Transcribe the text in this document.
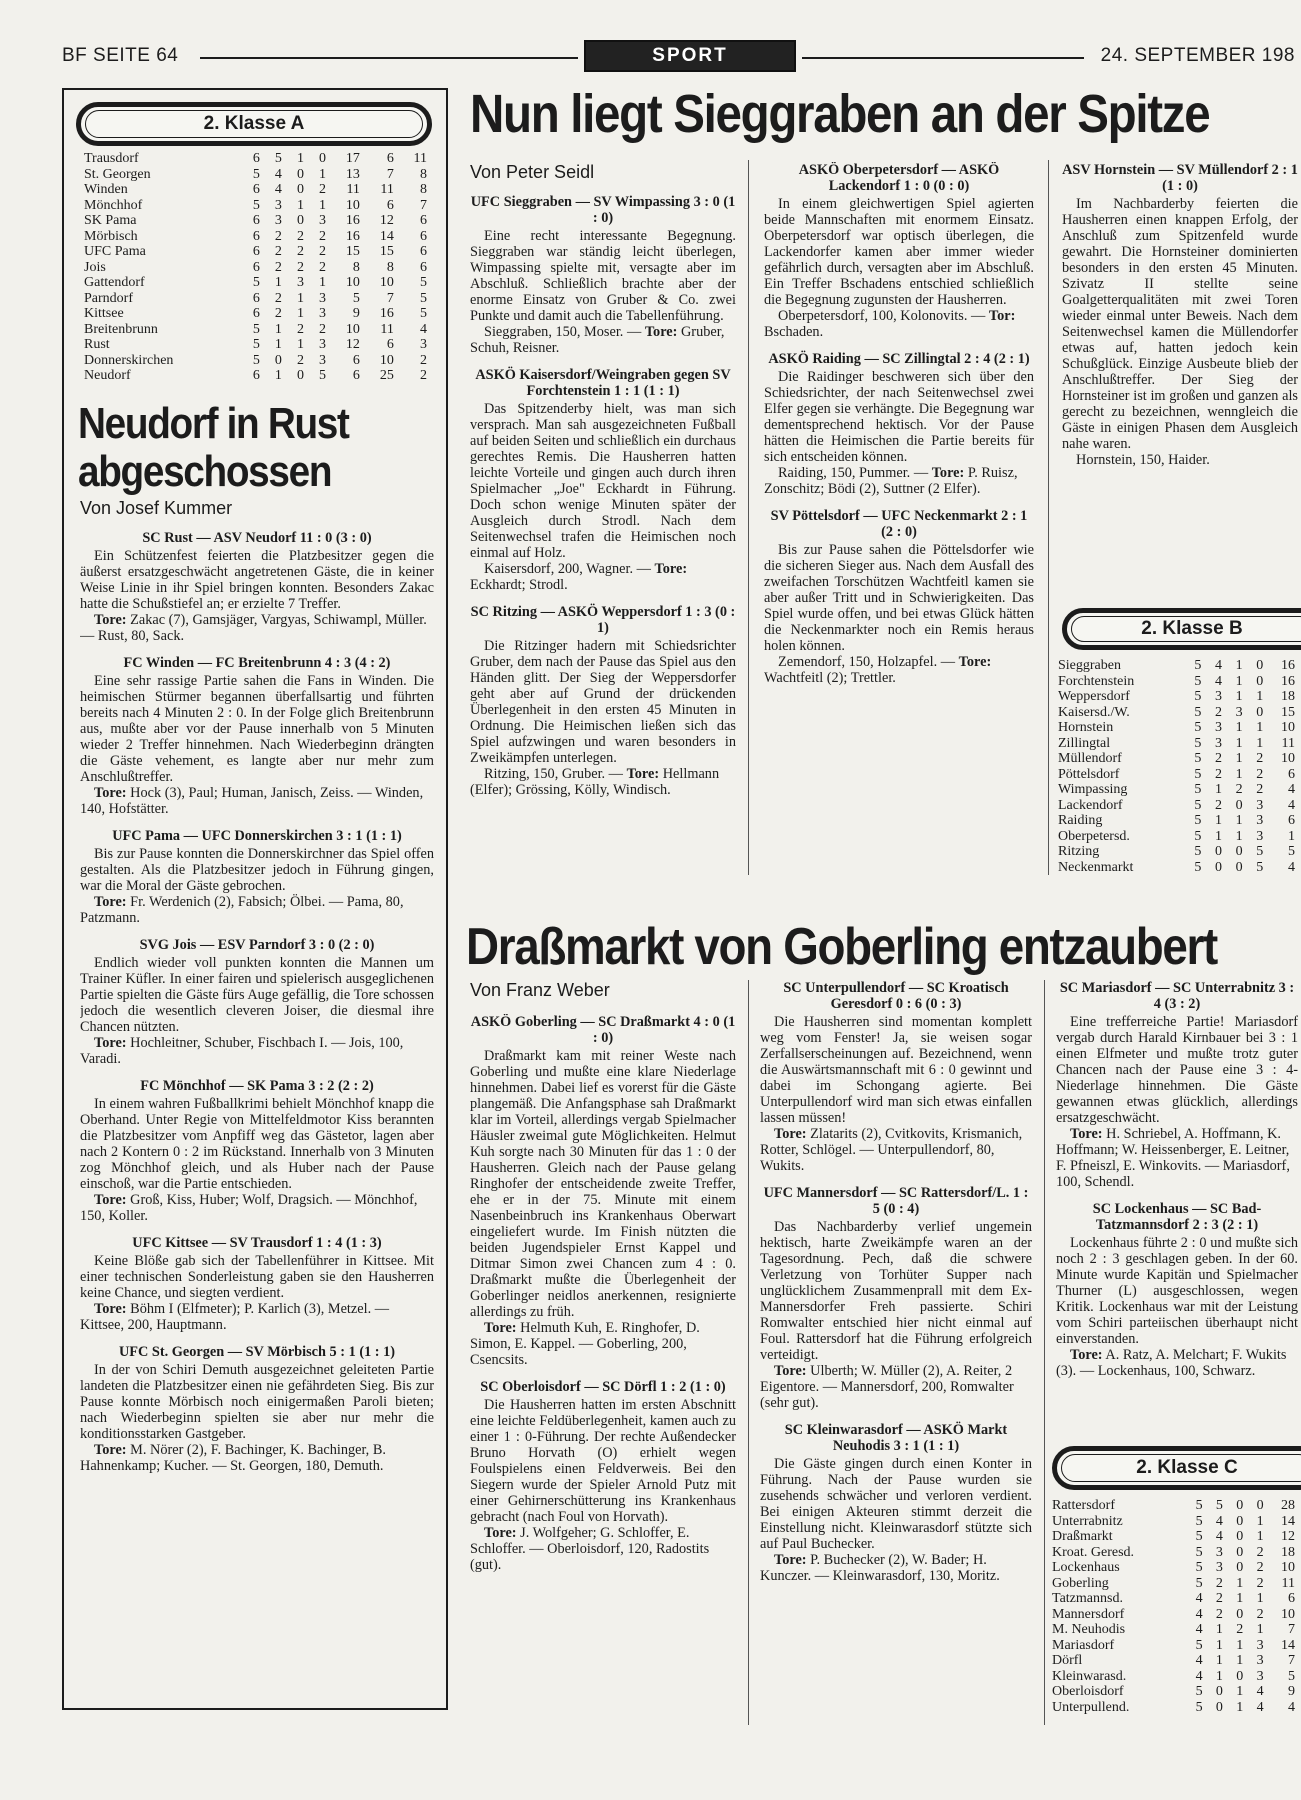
BF SEITE 64	SPORT	24. SEPTEMBER 198
2. Klasse A
Trausdorf	6	5	1	0	17	6	11
St. Georgen	5	4	0	1	13	7	8
Winden	6	4	0	2	11	11	8
Mönchhof	5	3	1	1	10	6	7
SK Pama	6	3	0	3	16	12	6
Mörbisch	6	2	2	2	16	14	6
UFC Pama	6	2	2	2	15	15	6
Jois	6	2	2	2	8	8	6
Gattendorf	5	1	3	1	10	10	5
Parndorf	6	2	1	3	5	7	5
Kittsee	6	2	1	3	9	16	5
Breitenbrunn	5	1	2	2	10	11	4
Rust	5	1	1	3	12	6	3
Donnerskirchen	5	0	2	3	6	10	2
Neudorf	6	1	0	5	6	25	2
Neudorf in Rust abgeschossen
Von Josef Kummer
SC Rust — ASV Neudorf 11 : 0 (3 : 0)
Ein Schützenfest feierten die Platzbesitzer gegen die äußerst ersatzgeschwächt angetretenen Gäste, die in keiner Weise Linie in ihr Spiel bringen konnten. Besonders Zakac hatte die Schußstiefel an; er erzielte 7 Treffer.
Tore: Zakac (7), Gamsjäger, Vargyas, Schiwampl, Müller. — Rust, 80, Sack.
FC Winden — FC Breitenbrunn 4 : 3 (4 : 2)
Eine sehr rassige Partie sahen die Fans in Winden. Die heimischen Stürmer begannen überfallsartig und führten bereits nach 4 Minuten 2 : 0. In der Folge glich Breitenbrunn aus, mußte aber vor der Pause innerhalb von 5 Minuten wieder 2 Treffer hinnehmen. Nach Wiederbeginn drängten die Gäste vehement, es langte aber nur mehr zum Anschlußtreffer.
Tore: Hock (3), Paul; Human, Janisch, Zeiss. — Winden, 140, Hofstätter.
UFC Pama — UFC Donnerskirchen 3 : 1 (1 : 1)
Bis zur Pause konnten die Donnerskirchner das Spiel offen gestalten. Als die Platzbesitzer jedoch in Führung gingen, war die Moral der Gäste gebrochen.
Tore: Fr. Werdenich (2), Fabsich; Ölbei. — Pama, 80, Patzmann.
SVG Jois — ESV Parndorf 3 : 0 (2 : 0)
Endlich wieder voll punkten konnten die Mannen um Trainer Küfler. In einer fairen und spielerisch ausgeglichenen Partie spielten die Gäste fürs Auge gefällig, die Tore schossen jedoch die wesentlich cleveren Joiser, die diesmal ihre Chancen nützten.
Tore: Hochleitner, Schuber, Fischbach I. — Jois, 100, Varadi.
FC Mönchhof — SK Pama 3 : 2 (2 : 2)
In einem wahren Fußballkrimi behielt Mönchhof knapp die Oberhand. Unter Regie von Mittelfeldmotor Kiss berannten die Platzbesitzer vom Anpfiff weg das Gästetor, lagen aber nach 2 Kontern 0 : 2 im Rückstand. Innerhalb von 3 Minuten zog Mönchhof gleich, und als Huber nach der Pause einschoß, war die Partie entschieden.
Tore: Groß, Kiss, Huber; Wolf, Dragsich. — Mönchhof, 150, Koller.
UFC Kittsee — SV Trausdorf 1 : 4 (1 : 3)
Keine Blöße gab sich der Tabellenführer in Kittsee. Mit einer technischen Sonderleistung gaben sie den Hausherren keine Chance, und siegten verdient.
Tore: Böhm I (Elfmeter); P. Karlich (3), Metzel. — Kittsee, 200, Hauptmann.
UFC St. Georgen — SV Mörbisch 5 : 1 (1 : 1)
In der von Schiri Demuth ausgezeichnet geleiteten Partie landeten die Platzbesitzer einen nie gefährdeten Sieg. Bis zur Pause konnte Mörbisch noch einigermaßen Paroli bieten; nach Wiederbeginn spielten sie aber nur mehr die konditionsstarken Gastgeber.
Tore: M. Nörer (2), F. Bachinger, K. Bachinger, B. Hahnenkamp; Kucher. — St. Georgen, 180, Demuth.
Nun liegt Sieggraben an der Spitze
Von Peter Seidl
UFC Sieggraben — SV Wimpassing 3 : 0 (1 : 0)
Eine recht interessante Begegnung. Sieggraben war ständig leicht überlegen, Wimpassing spielte mit, versagte aber im Abschluß. Schließlich brachte aber der enorme Einsatz von Gruber & Co. zwei Punkte und damit auch die Tabellenführung.
Sieggraben, 150, Moser. — Tore: Gruber, Schuh, Reisner.
ASKÖ Kaisersdorf/Weingraben gegen SV Forchtenstein 1 : 1 (1 : 1)
Das Spitzenderby hielt, was man sich versprach. Man sah ausgezeichneten Fußball auf beiden Seiten und schließlich ein durchaus gerechtes Remis. Die Hausherren hatten leichte Vorteile und gingen auch durch ihren Spielmacher „Joe" Eckhardt in Führung. Doch schon wenige Minuten später der Ausgleich durch Strodl. Nach dem Seitenwechsel trafen die Heimischen noch einmal auf Holz.
Kaisersdorf, 200, Wagner. — Tore: Eckhardt; Strodl.
SC Ritzing — ASKÖ Weppersdorf 1 : 3 (0 : 1)
Die Ritzinger hadern mit Schiedsrichter Gruber, dem nach der Pause das Spiel aus den Händen glitt. Der Sieg der Weppersdorfer geht aber auf Grund der drückenden Überlegenheit in den ersten 45 Minuten in Ordnung. Die Heimischen ließen sich das Spiel aufzwingen und waren besonders in Zweikämpfen unterlegen.
Ritzing, 150, Gruber. — Tore: Hellmann (Elfer); Grössing, Kölly, Windisch.
ASKÖ Oberpetersdorf — ASKÖ Lackendorf 1 : 0 (0 : 0)
In einem gleichwertigen Spiel agierten beide Mannschaften mit enormem Einsatz. Oberpetersdorf war optisch überlegen, die Lackendorfer kamen aber immer wieder gefährlich durch, versagten aber im Abschluß. Ein Treffer Bschadens entschied schließlich die Begegnung zugunsten der Hausherren.
Oberpetersdorf, 100, Kolonovits. — Tor: Bschaden.
ASKÖ Raiding — SC Zillingtal 2 : 4 (2 : 1)
Die Raidinger beschweren sich über den Schiedsrichter, der nach Seitenwechsel zwei Elfer gegen sie verhängte. Die Begegnung war dementsprechend hektisch. Vor der Pause hätten die Heimischen die Partie bereits für sich entscheiden können.
Raiding, 150, Pummer. — Tore: P. Ruisz, Zonschitz; Bödi (2), Suttner (2 Elfer).
SV Pöttelsdorf — UFC Neckenmarkt 2 : 1 (2 : 0)
Bis zur Pause sahen die Pöttelsdorfer wie die sicheren Sieger aus. Nach dem Ausfall des zweifachen Torschützen Wachtfeitl kamen sie aber außer Tritt und in Schwierigkeiten. Das Spiel wurde offen, und bei etwas Glück hätten die Neckenmarkter noch ein Remis heraus holen können.
Zemendorf, 150, Holzapfel. — Tore: Wachtfeitl (2); Trettler.
ASV Hornstein — SV Müllendorf 2 : 1 (1 : 0)
Im Nachbarderby feierten die Hausherren einen knappen Erfolg, der Anschluß zum Spitzenfeld wurde gewahrt. Die Hornsteiner dominierten besonders in den ersten 45 Minuten. Szivatz II stellte seine Goalgetterqualitäten mit zwei Toren wieder einmal unter Beweis. Nach dem Seitenwechsel kamen die Müllendorfer etwas auf, hatten jedoch kein Schußglück. Einzige Ausbeute blieb der Anschlußtreffer. Der Sieg der Hornsteiner ist im großen und ganzen als gerecht zu bezeichnen, wenngleich die Gäste in einigen Phasen dem Ausgleich nahe waren.
Hornstein, 150, Haider.
2. Klasse B
Sieggraben	5	4	1	0	16
Forchtenstein	5	4	1	0	16
Weppersdorf	5	3	1	1	18
Kaisersd./W.	5	2	3	0	15
Hornstein	5	3	1	1	10
Zillingtal	5	3	1	1	11
Müllendorf	5	2	1	2	10
Pöttelsdorf	5	2	1	2	6
Wimpassing	5	1	2	2	4
Lackendorf	5	2	0	3	4
Raiding	5	1	1	3	6
Oberpetersd.	5	1	1	3	1
Ritzing	5	0	0	5	5
Neckenmarkt	5	0	0	5	4
Draßmarkt von Goberling entzaubert
Von Franz Weber
ASKÖ Goberling — SC Draßmarkt 4 : 0 (1 : 0)
Draßmarkt kam mit reiner Weste nach Goberling und mußte eine klare Niederlage hinnehmen. Dabei lief es vorerst für die Gäste plangemäß. Die Anfangsphase sah Draßmarkt klar im Vorteil, allerdings vergab Spielmacher Häusler zweimal gute Möglichkeiten. Helmut Kuh sorgte nach 30 Minuten für das 1 : 0 der Hausherren. Gleich nach der Pause gelang Ringhofer der entscheidende zweite Treffer, ehe er in der 75. Minute mit einem Nasenbeinbruch ins Krankenhaus Oberwart eingeliefert wurde. Im Finish nützten die beiden Jugendspieler Ernst Kappel und Ditmar Simon zwei Chancen zum 4 : 0. Draßmarkt mußte die Überlegenheit der Goberlinger neidlos anerkennen, resignierte allerdings zu früh.
Tore: Helmuth Kuh, E. Ringhofer, D. Simon, E. Kappel. — Goberling, 200, Csencsits.
SC Oberloisdorf — SC Dörfl 1 : 2 (1 : 0)
Die Hausherren hatten im ersten Abschnitt eine leichte Feldüberlegenheit, kamen auch zu einer 1 : 0-Führung. Der rechte Außendecker Bruno Horvath (O) erhielt wegen Foulspielens einen Feldverweis. Bei den Siegern wurde der Spieler Arnold Putz mit einer Gehirnerschütterung ins Krankenhaus gebracht (nach Foul von Horvath).
Tore: J. Wolfgeher; G. Schloffer, E. Schloffer. — Oberloisdorf, 120, Radostits (gut).
SC Unterpullendorf — SC Kroatisch Geresdorf 0 : 6 (0 : 3)
Die Hausherren sind momentan komplett weg vom Fenster! Ja, sie weisen sogar Zerfallserscheinungen auf. Bezeichnend, wenn die Auswärtsmannschaft mit 6 : 0 gewinnt und dabei im Schongang agierte. Bei Unterpullendorf wird man sich etwas einfallen lassen müssen!
Tore: Zlatarits (2), Cvitkovits, Krismanich, Rotter, Schlögel. — Unterpullendorf, 80, Wukits.
UFC Mannersdorf — SC Rattersdorf/L. 1 : 5 (0 : 4)
Das Nachbarderby verlief ungemein hektisch, harte Zweikämpfe waren an der Tagesordnung. Pech, daß die schwere Verletzung von Torhüter Supper nach unglücklichem Zusammenprall mit dem Ex-Mannersdorfer Freh passierte. Schiri Romwalter entschied hier nicht einmal auf Foul. Rattersdorf hat die Führung erfolgreich verteidigt.
Tore: Ulberth; W. Müller (2), A. Reiter, 2 Eigentore. — Mannersdorf, 200, Romwalter (sehr gut).
SC Kleinwarasdorf — ASKÖ Markt Neuhodis 3 : 1 (1 : 1)
Die Gäste gingen durch einen Konter in Führung. Nach der Pause wurden sie zusehends schwächer und verloren verdient. Bei einigen Akteuren stimmt derzeit die Einstellung nicht. Kleinwarasdorf stützte sich auf Paul Buchecker.
Tore: P. Buchecker (2), W. Bader; H. Kunczer. — Kleinwarasdorf, 130, Moritz.
SC Mariasdorf — SC Unterrabnitz 3 : 4 (3 : 2)
Eine trefferreiche Partie! Mariasdorf vergab durch Harald Kirnbauer bei 3 : 1 einen Elfmeter und mußte trotz guter Chancen nach der Pause eine 3 : 4-Niederlage hinnehmen. Die Gäste gewannen etwas glücklich, allerdings ersatzgeschwächt.
Tore: H. Schriebel, A. Hoffmann, K. Hoffmann; W. Heissenberger, E. Leitner, F. Pfneiszl, E. Winkovits. — Mariasdorf, 100, Schendl.
SC Lockenhaus — SC Bad-Tatzmannsdorf 2 : 3 (2 : 1)
Lockenhaus führte 2 : 0 und mußte sich noch 2 : 3 geschlagen geben. In der 60. Minute wurde Kapitän und Spielmacher Thurner (L) ausgeschlossen, wegen Kritik. Lockenhaus war mit der Leistung vom Schiri parteiischen überhaupt nicht einverstanden.
Tore: A. Ratz, A. Melchart; F. Wukits (3). — Lockenhaus, 100, Schwarz.
2. Klasse C
Rattersdorf	5	5	0	0	28
Unterrabnitz	5	4	0	1	14
Draßmarkt	5	4	0	1	12
Kroat. Geresd.	5	3	0	2	18
Lockenhaus	5	3	0	2	10
Goberling	5	2	1	2	11
Tatzmannsd.	4	2	1	1	6
Mannersdorf	4	2	0	2	10
M. Neuhodis	4	1	2	1	7
Mariasdorf	5	1	1	3	14
Dörfl	4	1	1	3	7
Kleinwarasd.	4	1	0	3	5
Oberloisdorf	5	0	1	4	9
Unterpullend.	5	0	1	4	4
